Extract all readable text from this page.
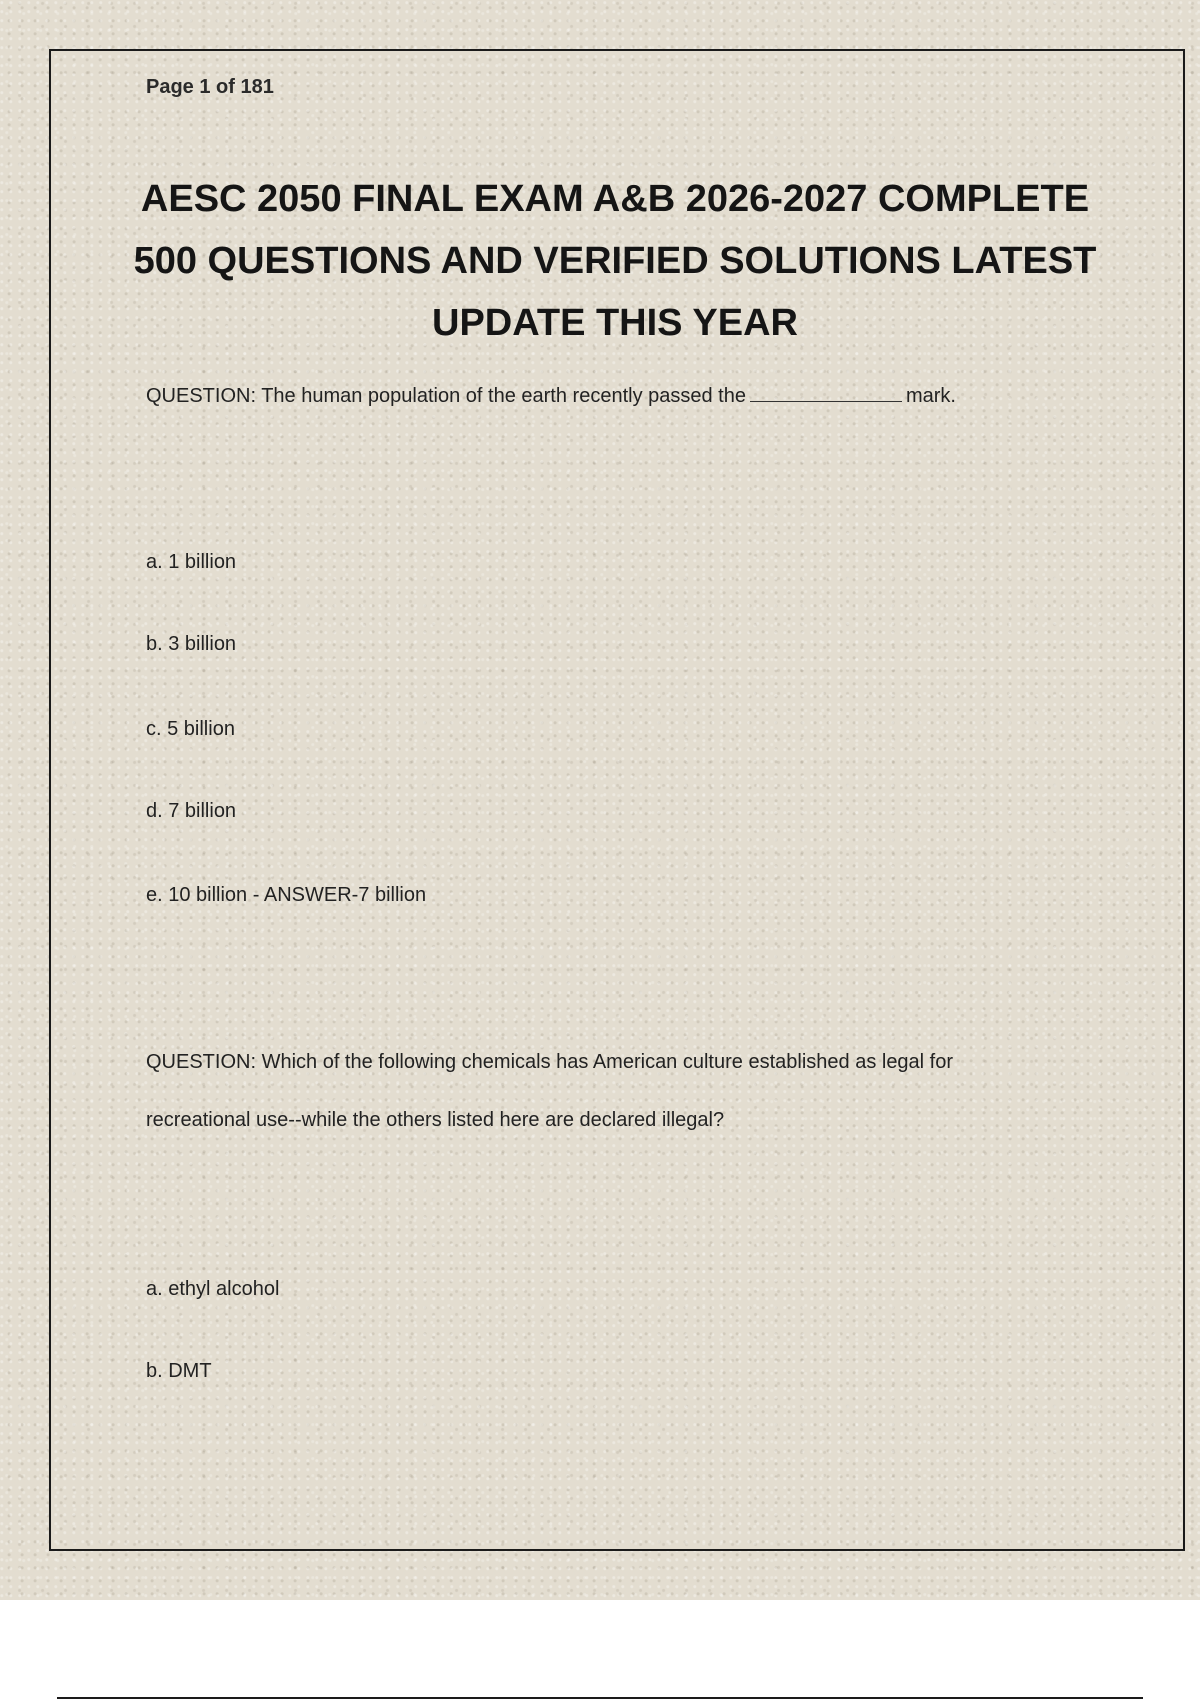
Page 1 of 181
AESC 2050 FINAL EXAM A&B 2026-2027 COMPLETE 500 QUESTIONS AND VERIFIED SOLUTIONS LATEST UPDATE THIS YEAR
QUESTION: The human population of the earth recently passed the	mark.
a. 1 billion
b. 3 billion
c. 5 billion
d. 7 billion
e. 10 billion - ANSWER-7 billion
QUESTION: Which of the following chemicals has American culture established as legal for
recreational use--while the others listed here are declared illegal?
a. ethyl alcohol
b. DMT
